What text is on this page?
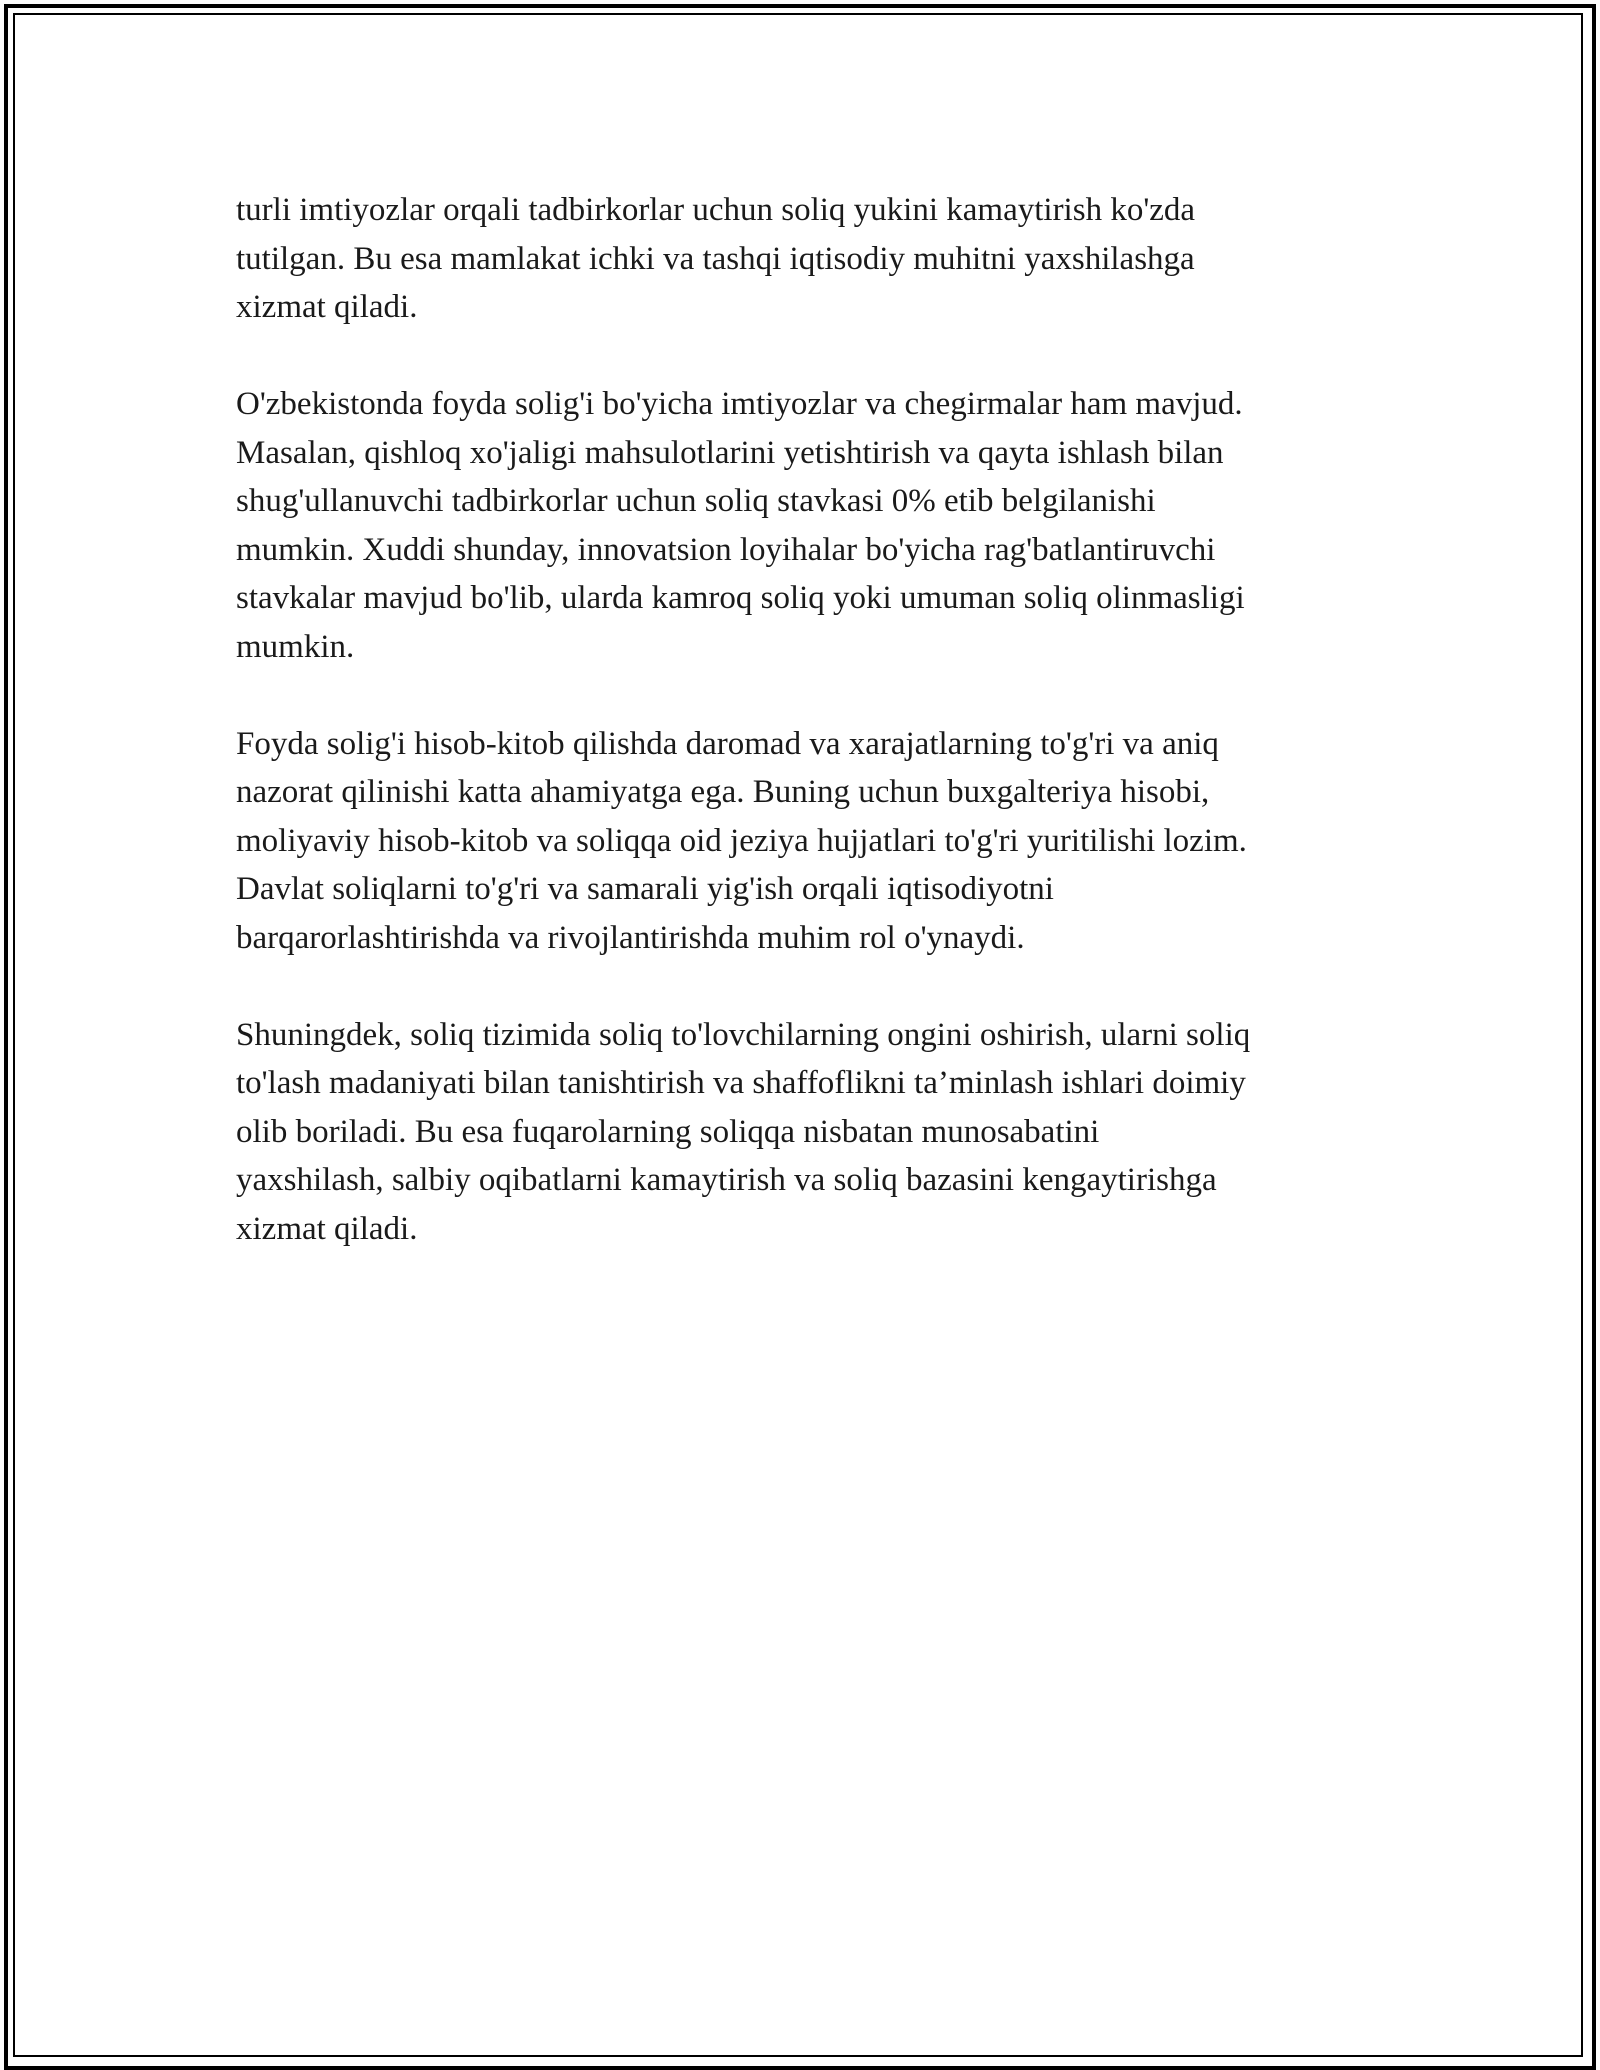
turli imtiyozlar orqali tadbirkorlar uchun soliq yukini kamaytirish ko'zda
tutilgan. Bu esa mamlakat ichki va tashqi iqtisodiy muhitni yaxshilashga
xizmat qiladi.

O'zbekistonda foyda solig'i bo'yicha imtiyozlar va chegirmalar ham mavjud.
Masalan, qishloq xo'jaligi mahsulotlarini yetishtirish va qayta ishlash bilan
shug'ullanuvchi tadbirkorlar uchun soliq stavkasi 0% etib belgilanishi
mumkin. Xuddi shunday, innovatsion loyihalar bo'yicha rag'batlantiruvchi
stavkalar mavjud bo'lib, ularda kamroq soliq yoki umuman soliq olinmasligi
mumkin.

Foyda solig'i hisob-kitob qilishda daromad va xarajatlarning to'g'ri va aniq
nazorat qilinishi katta ahamiyatga ega. Buning uchun buxgalteriya hisobi,
moliyaviy hisob-kitob va soliqqa oid jeziya hujjatlari to'g'ri yuritilishi lozim.
Davlat soliqlarni to'g'ri va samarali yig'ish orqali iqtisodiyotni
barqarorlashtirishda va rivojlantirishda muhim rol o'ynaydi.

Shuningdek, soliq tizimida soliq to'lovchilarning ongini oshirish, ularni soliq
to'lash madaniyati bilan tanishtirish va shaffoflikni ta’minlash ishlari doimiy
olib boriladi. Bu esa fuqarolarning soliqqa nisbatan munosabatini
yaxshilash, salbiy oqibatlarni kamaytirish va soliq bazasini kengaytirishga
xizmat qiladi.
